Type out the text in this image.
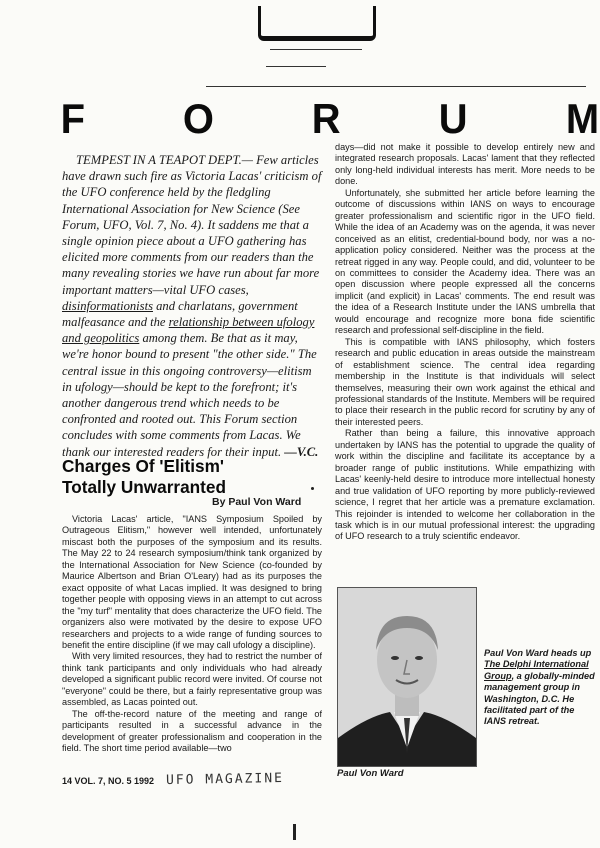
F O R U M

TEMPEST IN A TEAPOT DEPT.— Few articles have drawn such fire as Victoria Lacas' criticism of the UFO conference held by the fledgling International Association for New Science (See Forum, UFO, Vol. 7, No. 4). It saddens me that a single opinion piece about a UFO gathering has elicited more comments from our readers than the many revealing stories we have run about far more important matters—vital UFO cases, disinformationists and charlatans, government malfeasance and the relationship between ufology and geopolitics among them. Be that as it may, we're honor bound to present "the other side." The central issue in this ongoing controversy—elitism in ufology—should be kept to the forefront; it's another dangerous trend which needs to be confronted and rooted out. This Forum section concludes with some comments from Lacas. We thank our interested readers for their input. —V.C.

Charges Of 'Elitism'
Totally Unwarranted
By Paul Von Ward

Victoria Lacas' article, "IANS Symposium Spoiled by Outrageous Elitism," however well intended, unfortunately miscast both the purposes of the symposium and its results. The May 22 to 24 research symposium/think tank organized by the International Association for New Science (co-founded by Maurice Albertson and Brian O'Leary) had as its purposes the exact opposite of what Lacas implied. It was designed to bring together people with opposing views in an attempt to cut across the "my turf" mentality that does characterize the UFO field. The organizers also were motivated by the desire to expose UFO researchers and projects to a wide range of funding sources to benefit the entire discipline (if we may call ufology a discipline).

With very limited resources, they had to restrict the number of think tank participants and only individuals who had already developed a significant public record were invited. Of course not "everyone" could be there, but a fairly representative group was assembled, as Lacas pointed out.

The off-the-record nature of the meeting and range of participants resulted in a successful advance in the development of greater professionalism and cooperation in the field. The short time period available—two

days—did not make it possible to develop entirely new and integrated research proposals. Lacas' lament that they reflected only long-held individual interests has merit. More needs to be done.

Unfortunately, she submitted her article before learning the outcome of discussions within IANS on ways to encourage greater professionalism and scientific rigor in the UFO field. While the idea of an Academy was on the agenda, it was never conceived as an elitist, credential-bound body, nor was a no-application policy considered. Neither was the process at the retreat rigged in any way. People could, and did, volunteer to be on committees to consider the Academy idea. There was an open discussion where people expressed all the concerns implicit (and explicit) in Lacas' comments. The end result was the idea of a Research Institute under the IANS umbrella that would encourage and recognize more bona fide scientific research and professional self-discipline in the field.

This is compatible with IANS philosophy, which fosters research and public education in areas outside the mainstream of establishment science. The central idea regarding membership in the Institute is that individuals will select themselves, measuring their own work against the ethical and professional standards of the Institute. Members will be required to place their research in the public record for scrutiny by any of their interested peers.

Rather than being a failure, this innovative approach undertaken by IANS has the potential to upgrade the quality of work within the discipline and facilitate its acceptance by a broader range of public institutions. While empathizing with Lacas' keenly-held desire to introduce more intellectual honesty and true validation of UFO reporting by more publicly-reviewed science, I regret that her article was a premature exclamation. This rejoinder is intended to welcome her collaboration in the task which is in our mutual professional interest: the upgrading of UFO research to a truly scientific endeavor.

Paul Von Ward
Paul Von Ward heads up The Delphi International Group, a globally-minded management group in Washington, D.C. He facilitated part of the IANS retreat.
14 VOL. 7, NO. 5 1992 UFO MAGAZINE
